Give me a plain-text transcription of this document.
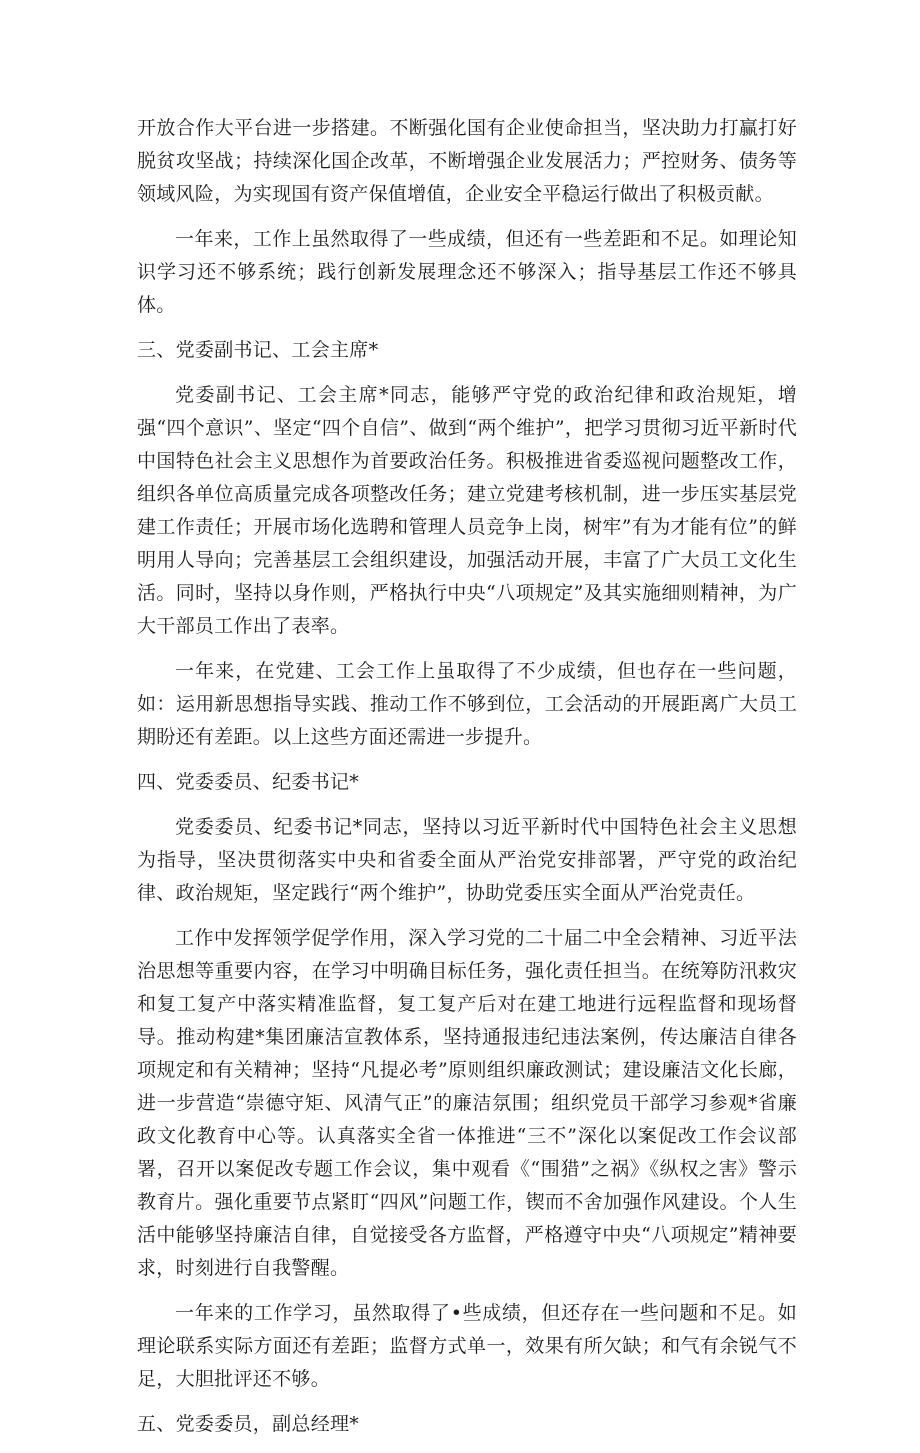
开放合作大平台进一步搭建。不断强化国有企业使命担当，坚决助力打赢打好脱贫攻坚战；持续深化国企改革，不断增强企业发展活力；严控财务、债务等领域风险，为实现国有资产保值增值，企业安全平稳运行做出了积极贡献。

一年来，工作上虽然取得了一些成绩，但还有一些差距和不足。如理论知识学习还不够系统；践行创新发展理念还不够深入；指导基层工作还不够具体。

三、党委副书记、工会主席*

党委副书记、工会主席*同志，能够严守党的政治纪律和政治规矩，增强“四个意识”、坚定“四个自信”、做到“两个维护”，把学习贯彻习近平新时代中国特色社会主义思想作为首要政治任务。积极推进省委巡视问题整改工作，组织各单位高质量完成各项整改任务；建立党建考核机制，进一步压实基层党建工作责任；开展市场化选聘和管理人员竞争上岗，树牢”有为才能有位”的鲜明用人导向；完善基层工会组织建设，加强活动开展，丰富了广大员工文化生活。同时，坚持以身作则，严格执行中央“八项规定”及其实施细则精神，为广大干部员工作出了表率。

一年来，在党建、工会工作上虽取得了不少成绩，但也存在一些问题，如：运用新思想指导实践、推动工作不够到位，工会活动的开展距离广大员工期盼还有差距。以上这些方面还需进一步提升。

四、党委委员、纪委书记*

党委委员、纪委书记*同志，坚持以习近平新时代中国特色社会主义思想为指导，坚决贯彻落实中央和省委全面从严治党安排部署，严守党的政治纪律、政治规矩，坚定践行“两个维护”，协助党委压实全面从严治党责任。

工作中发挥领学促学作用，深入学习党的二十届二中全会精神、习近平法治思想等重要内容，在学习中明确目标任务，强化责任担当。在统筹防汛救灾和复工复产中落实精准监督，复工复产后对在建工地进行远程监督和现场督导。推动构建*集团廉洁宣教体系，坚持通报违纪违法案例，传达廉洁自律各项规定和有关精神；坚持“凡提必考”原则组织廉政测试；建设廉洁文化长廊，进一步营造“崇德守矩、风清气正”的廉洁氛围；组织党员干部学习参观*省廉政文化教育中心等。认真落实全省一体推进“三不”深化以案促改工作会议部署，召开以案促改专题工作会议，集中观看《“围猎”之祸》《纵权之害》警示教育片。强化重要节点紧盯“四风”问题工作，锲而不舍加强作风建设。个人生活中能够坚持廉洁自律，自觉接受各方监督，严格遵守中央“八项规定”精神要求，时刻进行自我警醒。

一年来的工作学习，虽然取得了•些成绩，但还存在一些问题和不足。如理论联系实际方面还有差距；监督方式单一，效果有所欠缺；和气有余锐气不足，大胆批评还不够。

五、党委委员，副总经理*
